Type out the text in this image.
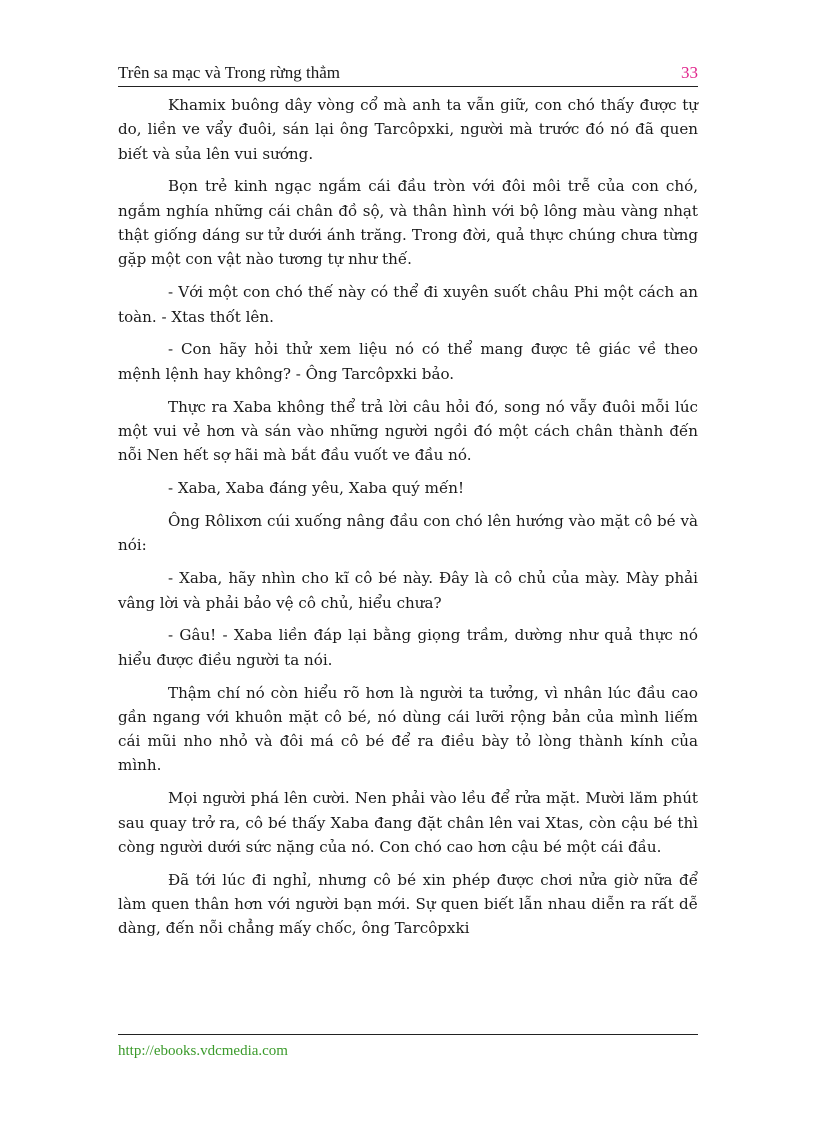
Trên sa mạc và Trong rừng thẳm	33

Khamix buông dây vòng cổ mà anh ta vẫn giữ, con chó thấy được tự do, liền ve vẩy đuôi, sán lại ông Tarcôpxki, người mà trước đó nó đã quen biết và sủa lên vui sướng.

Bọn trẻ kinh ngạc ngắm cái đầu tròn với đôi môi trễ của con chó, ngắm nghía những cái chân đồ sộ, và thân hình với bộ lông màu vàng nhạt thật giống dáng sư tử dưới ánh trăng. Trong đời, quả thực chúng chưa từng gặp một con vật nào tương tự như thế.

- Với một con chó thế này có thể đi xuyên suốt châu Phi một cách an toàn. - Xtas thốt lên.

- Con hãy hỏi thử xem liệu nó có thể mang được tê giác về theo mệnh lệnh hay không? - Ông Tarcôpxki bảo.

Thực ra Xaba không thể trả lời câu hỏi đó, song nó vẫy đuôi mỗi lúc một vui vẻ hơn và sán vào những người ngồi đó một cách chân thành đến nỗi Nen hết sợ hãi mà bắt đầu vuốt ve đầu nó.

- Xaba, Xaba đáng yêu, Xaba quý mến!

Ông Rôlixơn cúi xuống nâng đầu con chó lên hướng vào mặt cô bé và nói:

- Xaba, hãy nhìn cho kĩ cô bé này. Đây là cô chủ của mày. Mày phải vâng lời và phải bảo vệ cô chủ, hiểu chưa?

- Gâu! - Xaba liền đáp lại bằng giọng trầm, dường như quả thực nó hiểu được điều người ta nói.

Thậm chí nó còn hiểu rõ hơn là người ta tưởng, vì nhân lúc đầu cao gần ngang với khuôn mặt cô bé, nó dùng cái lưỡi rộng bản của mình liếm cái mũi nho nhỏ và đôi má cô bé để ra điều bày tỏ lòng thành kính của mình.

Mọi người phá lên cười. Nen phải vào lều để rửa mặt. Mười lăm phút sau quay trở ra, cô bé thấy Xaba đang đặt chân lên vai Xtas, còn cậu bé thì còng người dưới sức nặng của nó. Con chó cao hơn cậu bé một cái đầu.

Đã tới lúc đi nghỉ, nhưng cô bé xin phép được chơi nửa giờ nữa để làm quen thân hơn với người bạn mới. Sự quen biết lẫn nhau diễn ra rất dễ dàng, đến nỗi chẳng mấy chốc, ông Tarcôpxki

http://ebooks.vdcmedia.com
